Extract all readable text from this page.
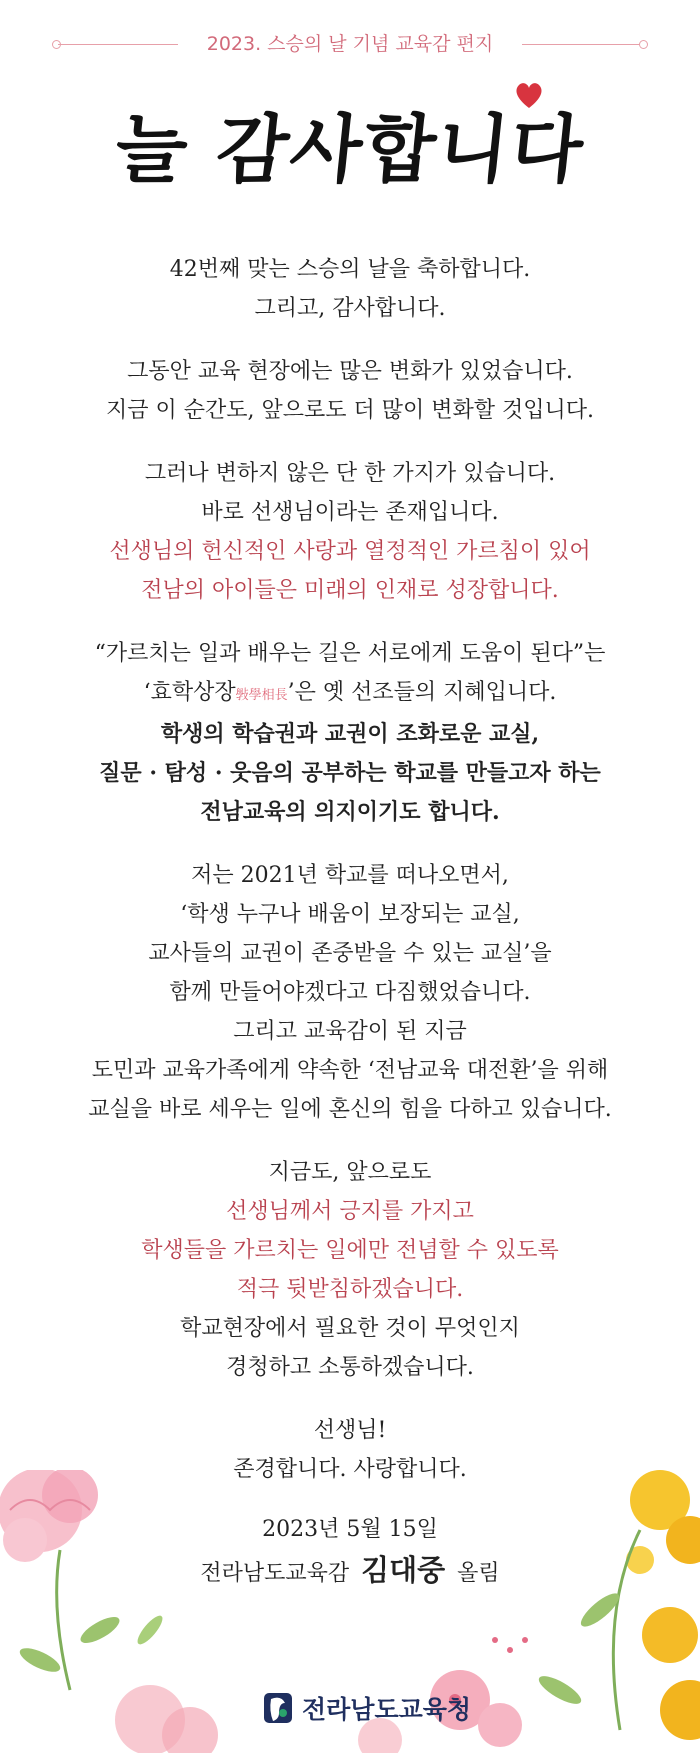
2023. 스승의 날 기념 교육감 편지
늘 감사합니다
42번째 맞는 스승의 날을 축하합니다.
그리고, 감사합니다.
그동안 교육 현장에는 많은 변화가 있었습니다.
지금 이 순간도, 앞으로도 더 많이 변화할 것입니다.
그러나 변하지 않은 단 한 가지가 있습니다.
바로 선생님이라는 존재입니다.
선생님의 헌신적인 사랑과 열정적인 가르침이 있어
전남의 아이들은 미래의 인재로 성장합니다.
“가르치는 일과 배우는 길은 서로에게 도움이 된다”는
‘효학상장斅學相長’은 옛 선조들의 지혜입니다.
학생의 학습권과 교권이 조화로운 교실,
질문 · 탐성 · 웃음의 공부하는 학교를 만들고자 하는
전남교육의 의지이기도 합니다.
저는 2021년 학교를 떠나오면서,
‘학생 누구나 배움이 보장되는 교실,
교사들의 교권이 존중받을 수 있는 교실’을
함께 만들어야겠다고 다짐했었습니다.
그리고 교육감이 된 지금
도민과 교육가족에게 약속한 ‘전남교육 대전환’을 위해
교실을 바로 세우는 일에 혼신의 힘을 다하고 있습니다.
지금도, 앞으로도
선생님께서 긍지를 가지고
학생들을 가르치는 일에만 전념할 수 있도록
적극 뒷받침하겠습니다.
학교현장에서 필요한 것이 무엇인지
경청하고 소통하겠습니다.
선생님!
존경합니다. 사랑합니다.
2023년 5월 15일
전라남도교육감 김대중 올림
전라남도교육청
